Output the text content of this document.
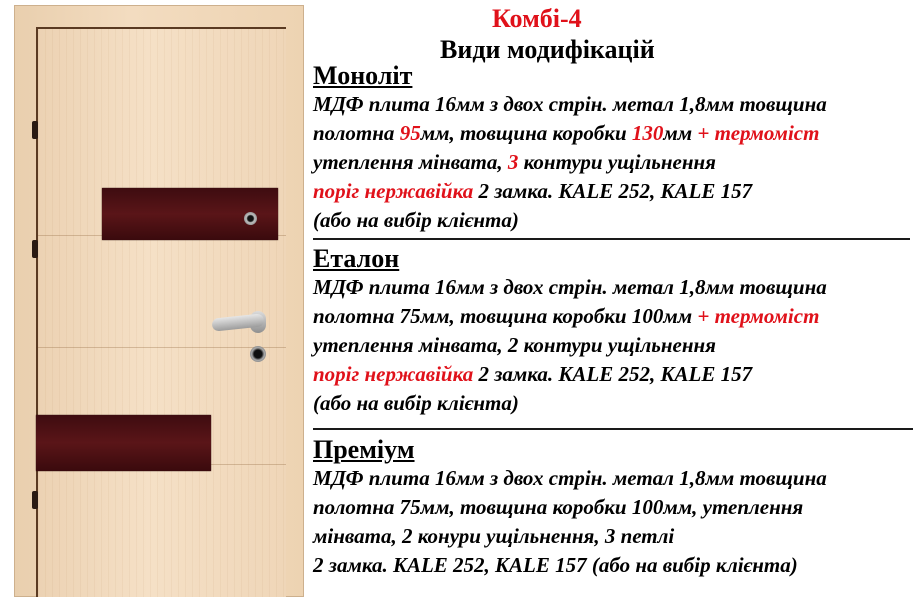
Комбі-4
Види модифікацій

Моноліт

МДФ плита 16мм з двох стрін. метал 1,8мм товщина

полотна 95мм, товщина коробки 130мм + термоміст

утеплення мінвата, 3 контури ущільнення

поріг нержавійка 2 замка. KALE 252, KALE 157

(або на вибір клієнта)

Еталон

МДФ плита 16мм з двох стрін. метал 1,8мм товщина

полотна 75мм, товщина коробки 100мм + термоміст

утеплення мінвата, 2 контури ущільнення

поріг нержавійка 2 замка. KALE 252, KALE 157

(або на вибір клієнта)

Преміум

МДФ плита 16мм з двох стрін. метал 1,8мм товщина

полотна 75мм, товщина коробки 100мм, утеплення

мінвата, 2 конури ущільнення, 3 петлі

2 замка. KALE 252, KALE 157 (або на вибір клієнта)
